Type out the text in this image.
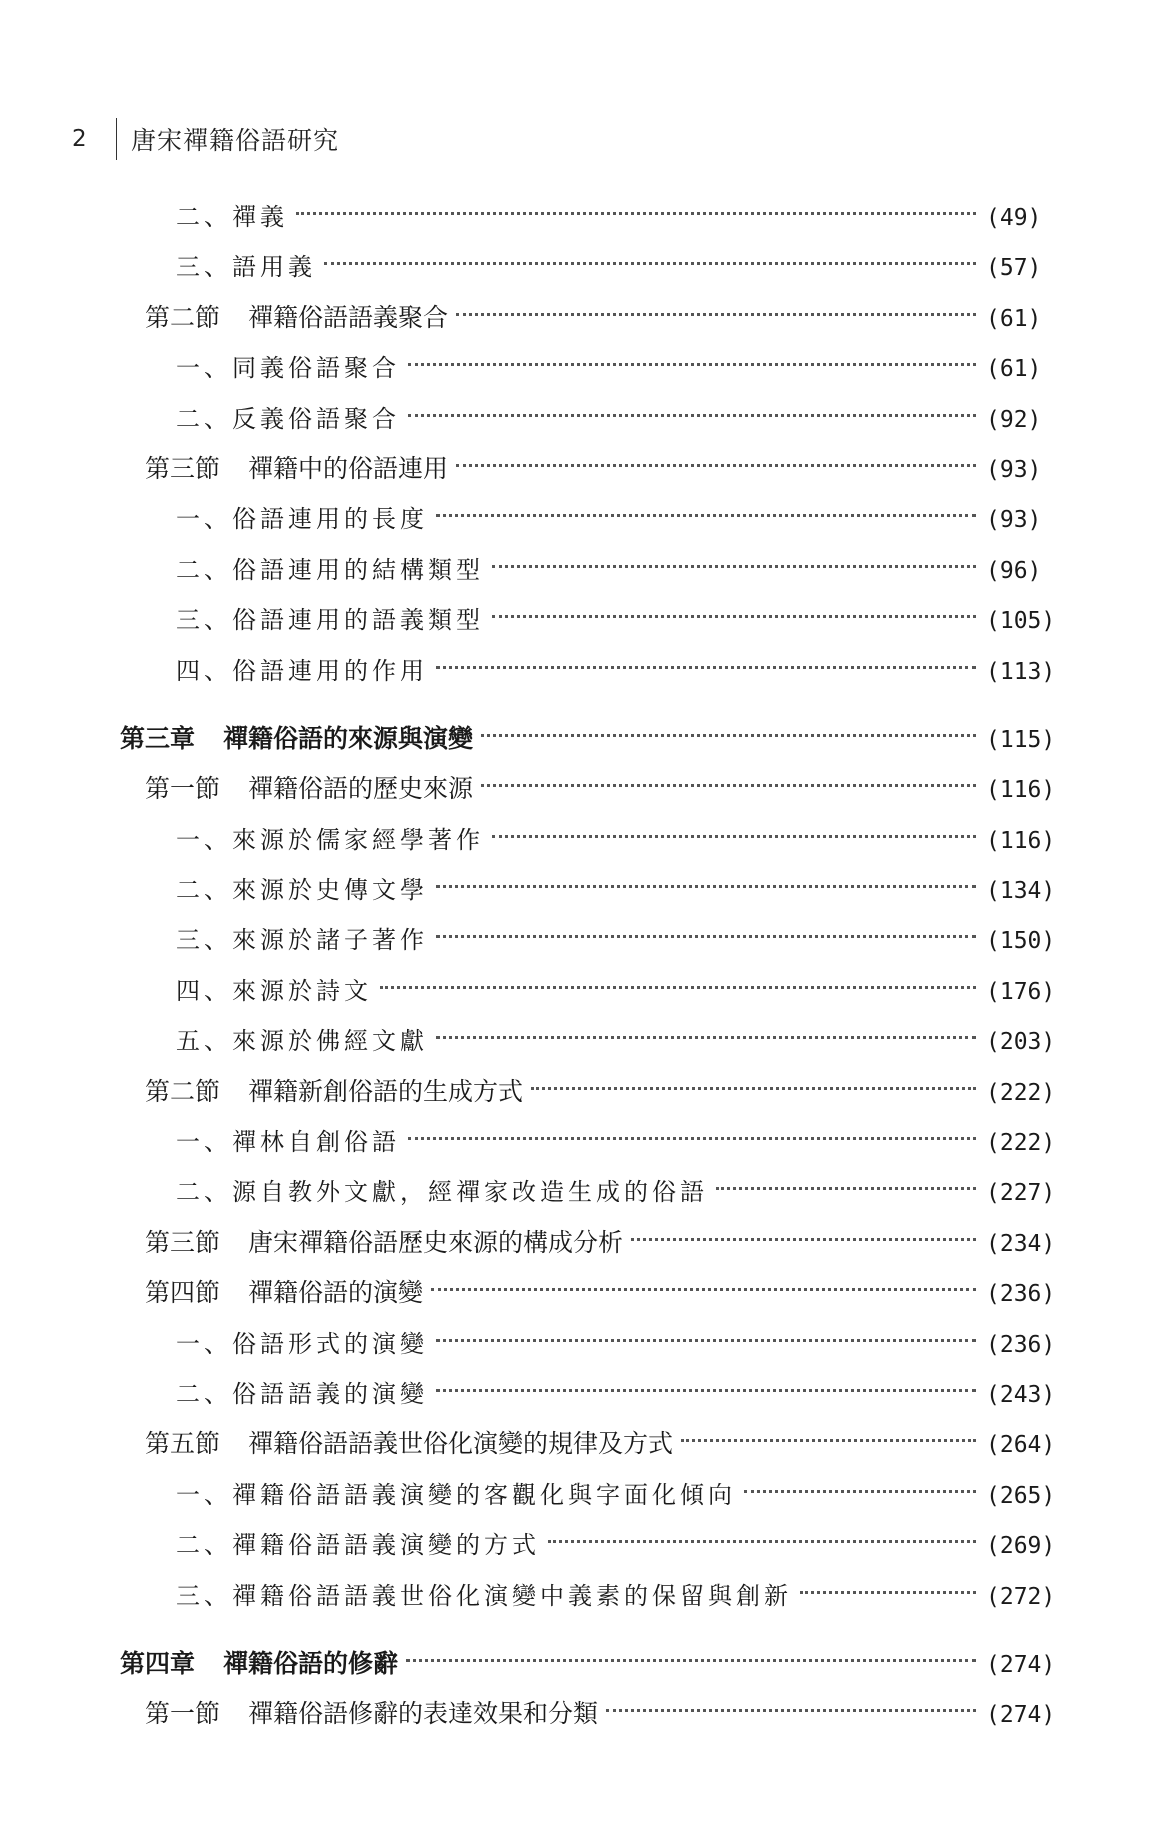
2	唐宋禪籍俗語研究
二、禪義	(49)
三、語用義	(57)
第二節 禪籍俗語語義聚合	(61)
一、同義俗語聚合	(61)
二、反義俗語聚合	(92)
第三節 禪籍中的俗語連用	(93)
一、俗語連用的長度	(93)
二、俗語連用的結構類型	(96)
三、俗語連用的語義類型	(105)
四、俗語連用的作用	(113)
第三章 禪籍俗語的來源與演變	(115)
第一節 禪籍俗語的歷史來源	(116)
一、來源於儒家經學著作	(116)
二、來源於史傳文學	(134)
三、來源於諸子著作	(150)
四、來源於詩文	(176)
五、來源於佛經文獻	(203)
第二節 禪籍新創俗語的生成方式	(222)
一、禪林自創俗語	(222)
二、源自教外文獻，經禪家改造生成的俗語	(227)
第三節 唐宋禪籍俗語歷史來源的構成分析	(234)
第四節 禪籍俗語的演變	(236)
一、俗語形式的演變	(236)
二、俗語語義的演變	(243)
第五節 禪籍俗語語義世俗化演變的規律及方式	(264)
一、禪籍俗語語義演變的客觀化與字面化傾向	(265)
二、禪籍俗語語義演變的方式	(269)
三、禪籍俗語語義世俗化演變中義素的保留與創新	(272)
第四章 禪籍俗語的修辭	(274)
第一節 禪籍俗語修辭的表達效果和分類	(274)
